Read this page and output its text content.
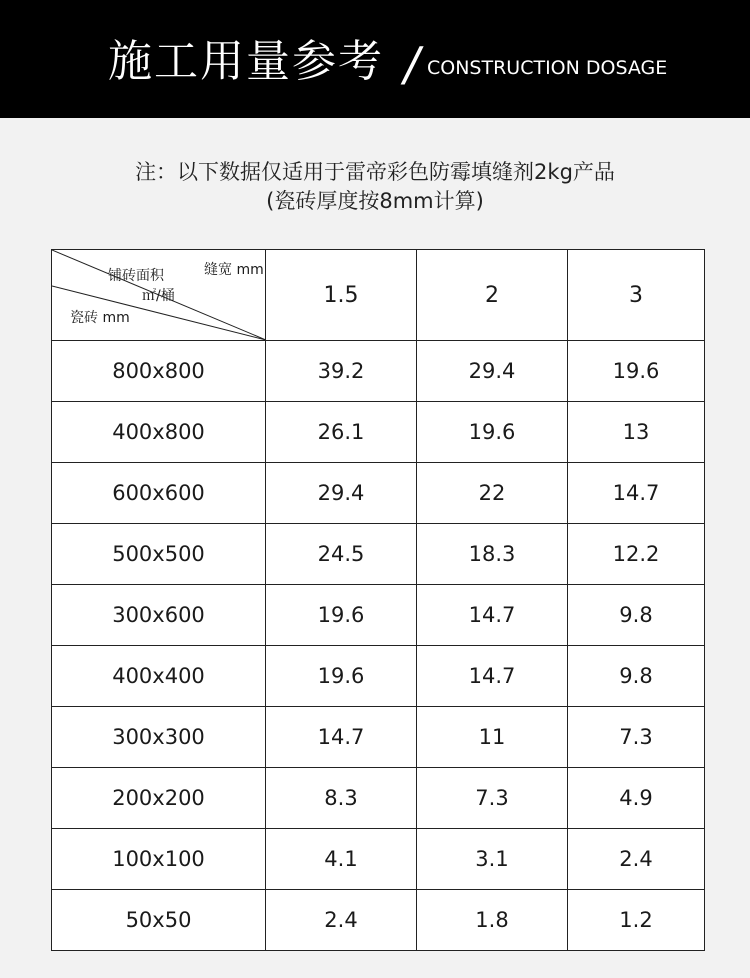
施工用量参考 / CONSTRUCTION DOSAGE
注：以下数据仅适用于雷帝彩色防霉填缝剂2kg产品
(瓷砖厚度按8mm计算)
缝宽 mm
铺砖面积
㎡/桶
瓷砖 mm	1.5	2	3
800x800	39.2	29.4	19.6
400x800	26.1	19.6	13
600x600	29.4	22	14.7
500x500	24.5	18.3	12.2
300x600	19.6	14.7	9.8
400x400	19.6	14.7	9.8
300x300	14.7	11	7.3
200x200	8.3	7.3	4.9
100x100	4.1	3.1	2.4
50x50	2.4	1.8	1.2
